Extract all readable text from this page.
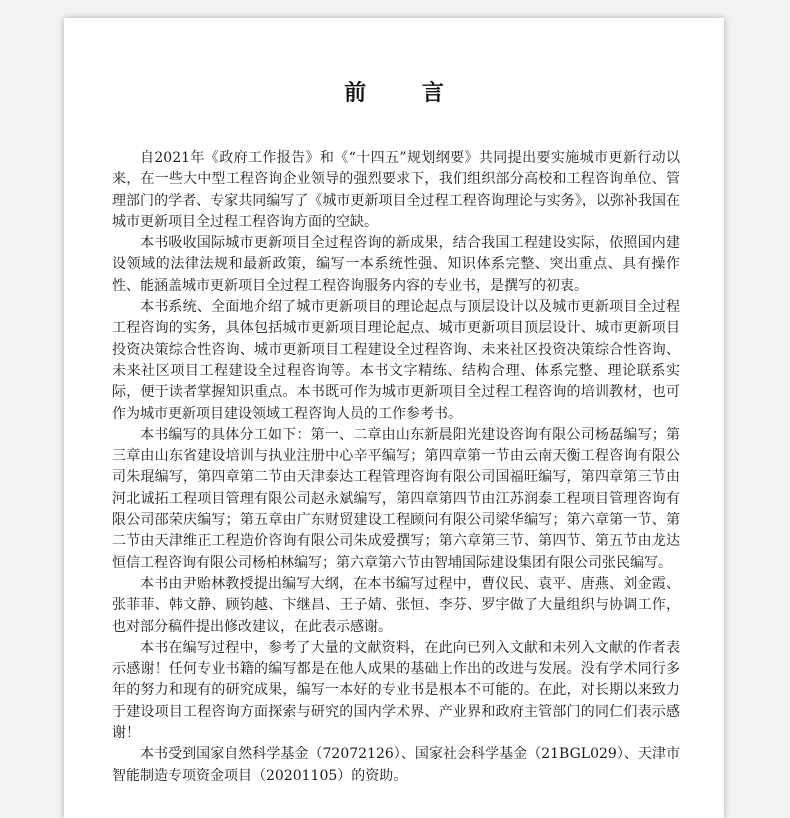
前 言

自2021年《政府工作报告》和《“十四五”规划纲要》共同提出要实施城市更新行动以来，在一些大中型工程咨询企业领导的强烈要求下，我们组织部分高校和工程咨询单位、管理部门的学者、专家共同编写了《城市更新项目全过程工程咨询理论与实务》，以弥补我国在城市更新项目全过程工程咨询方面的空缺。

本书吸收国际城市更新项目全过程咨询的新成果，结合我国工程建设实际，依照国内建设领域的法律法规和最新政策，编写一本系统性强、知识体系完整、突出重点、具有操作性、能涵盖城市更新项目全过程工程咨询服务内容的专业书，是撰写的初衷。

本书系统、全面地介绍了城市更新项目的理论起点与顶层设计以及城市更新项目全过程工程咨询的实务，具体包括城市更新项目理论起点、城市更新项目顶层设计、城市更新项目投资决策综合性咨询、城市更新项目工程建设全过程咨询、未来社区投资决策综合性咨询、未来社区项目工程建设全过程咨询等。本书文字精练、结构合理、体系完整、理论联系实际，便于读者掌握知识重点。本书既可作为城市更新项目全过程工程咨询的培训教材，也可作为城市更新项目建设领域工程咨询人员的工作参考书。

本书编写的具体分工如下：第一、二章由山东新晨阳光建设咨询有限公司杨磊编写；第三章由山东省建设培训与执业注册中心辛平编写；第四章第一节由云南天衡工程咨询有限公司朱琨编写，第四章第二节由天津泰达工程管理咨询有限公司国福旺编写，第四章第三节由河北诚拓工程项目管理有限公司赵永斌编写，第四章第四节由江苏润泰工程项目管理咨询有限公司邵荣庆编写；第五章由广东财贸建设工程顾问有限公司梁华编写；第六章第一节、第二节由天津维正工程造价咨询有限公司朱成爱撰写；第六章第三节、第四节、第五节由龙达恒信工程咨询有限公司杨柏林编写；第六章第六节由智埔国际建设集团有限公司张民编写。

本书由尹贻林教授提出编写大纲，在本书编写过程中，曹仪民、袁平、唐燕、刘金霞、张菲菲、韩文静、顾钧越、卞继昌、王子婧、张恒、李芬、罗宇做了大量组织与协调工作，也对部分稿件提出修改建议，在此表示感谢。

本书在编写过程中，参考了大量的文献资料，在此向已列入文献和未列入文献的作者表示感谢！任何专业书籍的编写都是在他人成果的基础上作出的改进与发展。没有学术同行多年的努力和现有的研究成果，编写一本好的专业书是根本不可能的。在此，对长期以来致力于建设项目工程咨询方面探索与研究的国内学术界、产业界和政府主管部门的同仁们表示感谢！

本书受到国家自然科学基金（72072126）、国家社会科学基金（21BGL029）、天津市智能制造专项资金项目（20201105）的资助。
